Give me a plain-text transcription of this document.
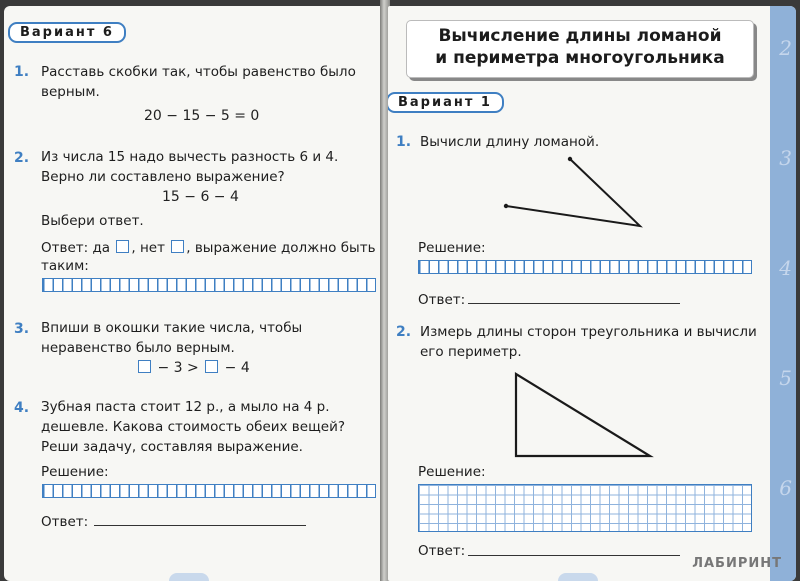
Вариант 6
1. Расставь скобки так, чтобы равенство было верным.
20 − 15 − 5 = 0
2. Из числа 15 надо вычесть разность 6 и 4. Верно ли составлено выражение?
15 − 6 − 4
Выбери ответ.
Ответ: да , нет , выражение должно быть
таким:
3. Впиши в окошки такие числа, чтобы неравенство было верным.
− 3 > − 4
4. Зубная паста стоит 12 р., а мыло на 4 р. дешевле. Какова стоимость обеих вещей?
Реши задачу, составляя выражение.
Решение:
Ответ:
2
3
4
5
6
Вычисление длины ломаной
и периметра многоугольника
Вариант 1
1. Вычисли длину ломаной.
Решение:
Ответ:
2. Измерь длины сторон треугольника и вычисли его периметр.
Решение:
Ответ:
ЛАБИРИНТ
